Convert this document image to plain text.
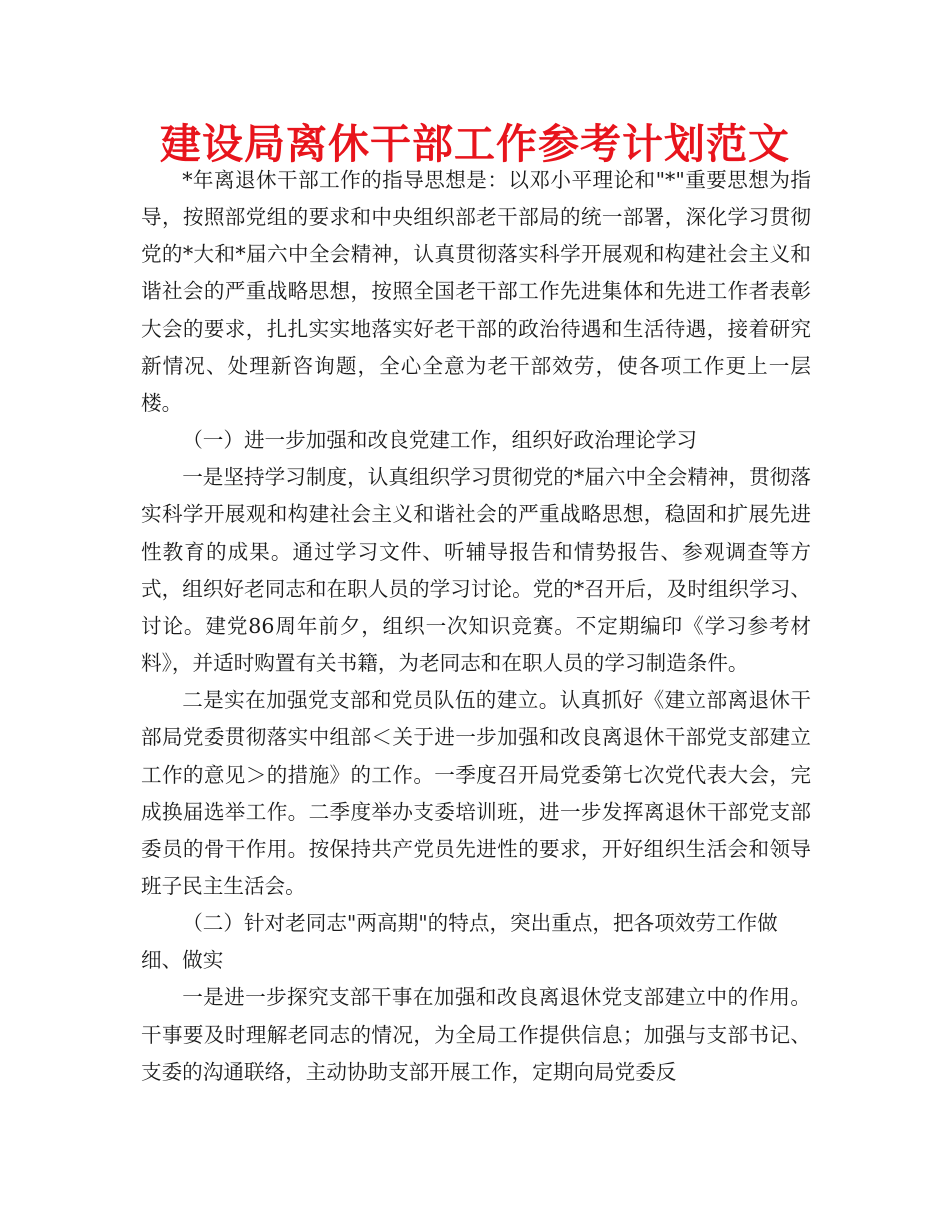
建设局离休干部工作参考计划范文

*年离退休干部工作的指导思想是：以邓小平理论和"*"重要思想为指导，按照部党组的要求和中央组织部老干部局的统一部署，深化学习贯彻党的*大和*届六中全会精神，认真贯彻落实科学开展观和构建社会主义和谐社会的严重战略思想，按照全国老干部工作先进集体和先进工作者表彰大会的要求，扎扎实实地落实好老干部的政治待遇和生活待遇，接着研究新情况、处理新咨询题，全心全意为老干部效劳，使各项工作更上一层楼。

（一）进一步加强和改良党建工作，组织好政治理论学习

一是坚持学习制度，认真组织学习贯彻党的*届六中全会精神，贯彻落实科学开展观和构建社会主义和谐社会的严重战略思想，稳固和扩展先进性教育的成果。通过学习文件、听辅导报告和情势报告、参观调查等方式，组织好老同志和在职人员的学习讨论。党的*召开后，及时组织学习、讨论。建党86周年前夕，组织一次知识竞赛。不定期编印《学习参考材料》，并适时购置有关书籍，为老同志和在职人员的学习制造条件。

二是实在加强党支部和党员队伍的建立。认真抓好《建立部离退休干部局党委贯彻落实中组部＜关于进一步加强和改良离退休干部党支部建立工作的意见＞的措施》的工作。一季度召开局党委第七次党代表大会，完成换届选举工作。二季度举办支委培训班，进一步发挥离退休干部党支部委员的骨干作用。按保持共产党员先进性的要求，开好组织生活会和领导班子民主生活会。

（二）针对老同志"两高期"的特点，突出重点，把各项效劳工作做细、做实

一是进一步探究支部干事在加强和改良离退休党支部建立中的作用。干事要及时理解老同志的情况，为全局工作提供信息；加强与支部书记、支委的沟通联络，主动协助支部开展工作，定期向局党委反
